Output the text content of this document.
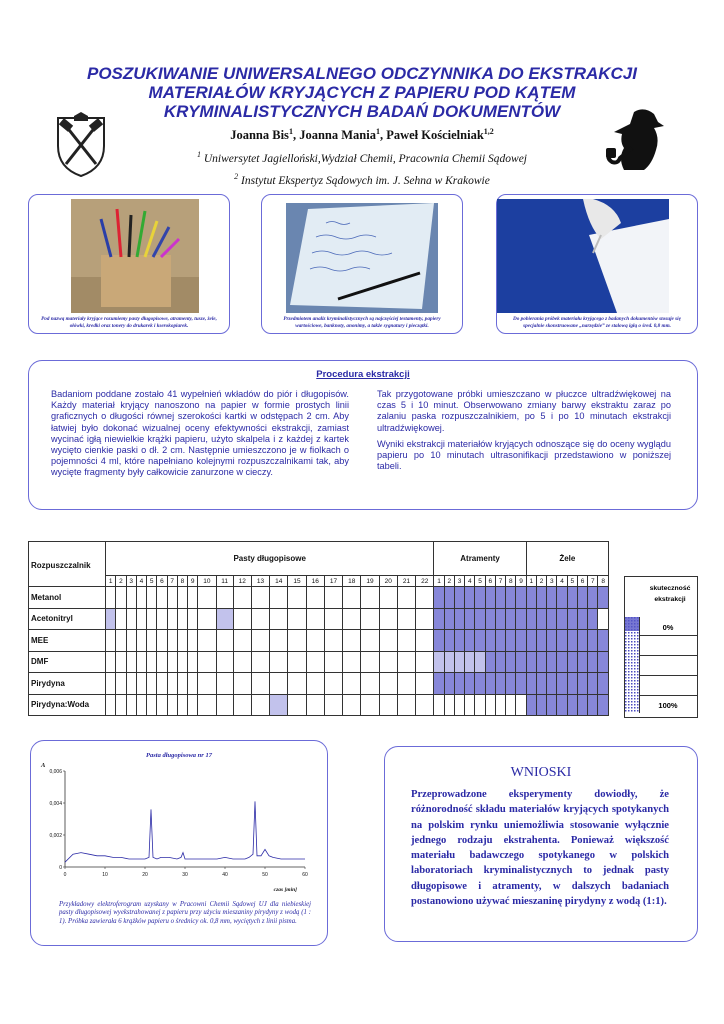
POSZUKIWANIE UNIWERSALNEGO ODCZYNNIKA DO EKSTRAKCJI
MATERIAŁÓW KRYJĄCYCH Z PAPIERU POD KĄTEM
KRYMINALISTYCZNYCH BADAŃ DOKUMENTÓW
Joanna Bis$^1$, Joanna Mania$^1$, Paweł Kościelniak$^{1,2}$
$^1$ Uniwersytet Jagielloński,Wydział Chemii, Pracownia Chemii Sądowej
$^2$ Instytut Ekspertyz Sądowych im. J. Sehna w Krakowie
Pod nazwą materiały kryjące rozumiemy pasty długopisowe, atramenty, tusze, żele, ołówki, kredki oraz tonery do drukarek i kserokopiarek.
Przedmiotem analiz kryminalistycznych są najczęściej testamenty, papiery wartościowe, banknoty, anonimy, a także sygnatury i pieczątki.
Do pobierania próbek materiału kryjącego z badanych dokumentów stosuje się specjalnie skonstruowane „narzędzie” ze stalową igłą o śred. 0,8 mm.
Procedura ekstrakcji
Badaniom poddane zostało 41 wypełnień wkładów do piór i długopisów. Każdy materiał kryjący nanoszono na papier w formie prostych linii graficznych o długości równej szerokości kartki w odstępach 2 cm. Aby łatwiej było dokonać wizualnej oceny efektywności ekstrakcji, zamiast wycinać igłą niewielkie krążki papieru, użyto skalpela i z każdej z kartek wycięto cienkie paski o dł. 2 cm. Następnie umieszczono je w fiolkach o pojemności 4 ml, które napełniano kolejnymi rozpuszczalnikami tak, aby wycięte fragmenty były całkowicie zanurzone w cieczy.
Tak przygotowane próbki umieszczano w płuczce ultradźwiękowej na czas 5 i 10 minut. Obserwowano zmiany barwy ekstraktu zaraz po zalaniu paska rozpuszczalnikiem, po 5 i po 10 minutach ekstrakcji ultradźwiękowej.
Wyniki ekstrakcji materiałów kryjących odnoszące się do oceny wyglądu papieru po 10 minutach ultrasonifikacji przedstawiono w poniższej tabeli.
Rozpuszczalnik	Pasty długopisowe																						Atramenty									Żele							
	1	2	3	4	5	6	7	8	9	10	11	12	13	14	15	16	17	18	19	20	21	22	1	2	3	4	5	6	7	8	9	1	2	3	4	5	6	7	8
Metanol																																							
Acetonitryl																																							
MEE																																							
DMF																																							
Pirydyna																																							
Pirydyna:Woda																																							
skuteczność ekstrakcji
0%
100%
Pasta długopisowa nr 17
A
0
0,002
0,004
0,006
0	10	20	30	40	50	60
czas [min]
Przykładowy elektroferogram uzyskany w Pracowni Chemii Sądowej UJ dla niebieskiej pasty długopisowej wyekstrahowanej z papieru przy użyciu mieszaniny pirydyny z wodą (1 : 1). Próbka zawierała 6 krążków papieru o średnicy ok. 0,8 mm, wyciętych z linii pisma.
WNIOSKI
Przeprowadzone eksperymenty dowiodły, że różnorodność składu materiałów kryjących spotykanych na polskim rynku uniemożliwia stosowanie wyłącznie jednego rodzaju ekstrahenta. Ponieważ większość materiału badawczego spotykanego w polskich laboratoriach kryminalistycznych to jednak pasty długopisowe i atramenty, w dalszych badaniach postanowiono używać mieszaninę pirydyny z wodą (1:1).
